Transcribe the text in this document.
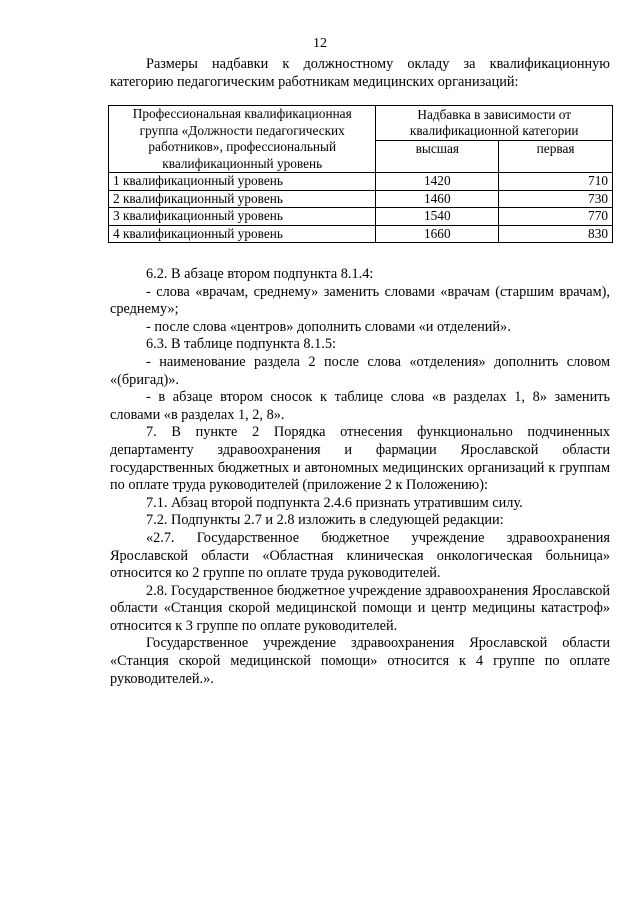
12

Размеры надбавки к должностному окладу за квалификационную категорию педагогическим работникам медицинских организаций:

Профессиональная квалификационная группа «Должности педагогических работников», профессиональный квалификационный уровень	Надбавка в зависимости от квалификационной категории	
	высшая	первая
1 квалификационный уровень	1420	710
2 квалификационный уровень	1460	730
3 квалификационный уровень	1540	770
4 квалификационный уровень	1660	830

6.2. В абзаце втором подпункта 8.1.4:

- слова «врачам, среднему» заменить словами «врачам (старшим врачам), среднему»;

- после слова «центров» дополнить словами «и отделений».

6.3. В таблице подпункта 8.1.5:

- наименование раздела 2 после слова «отделения» дополнить словом «(бригад)».

- в абзаце втором сносок к таблице слова «в разделах 1, 8» заменить словами «в разделах 1, 2, 8».

7. В пункте 2 Порядка отнесения функционально подчиненных департаменту здравоохранения и фармации Ярославской области государственных бюджетных и автономных медицинских организаций к группам по оплате труда руководителей (приложение 2 к Положению):

7.1. Абзац второй подпункта 2.4.6 признать утратившим силу.

7.2. Подпункты 2.7 и 2.8 изложить в следующей редакции:

«2.7. Государственное бюджетное учреждение здравоохранения Ярославской области «Областная клиническая онкологическая больница» относится ко 2 группе по оплате труда руководителей.

2.8. Государственное бюджетное учреждение здравоохранения Ярославской области «Станция скорой медицинской помощи и центр медицины катастроф» относится к 3 группе по оплате руководителей.

Государственное учреждение здравоохранения Ярославской области «Станция скорой медицинской помощи» относится к 4 группе по оплате руководителей.».
